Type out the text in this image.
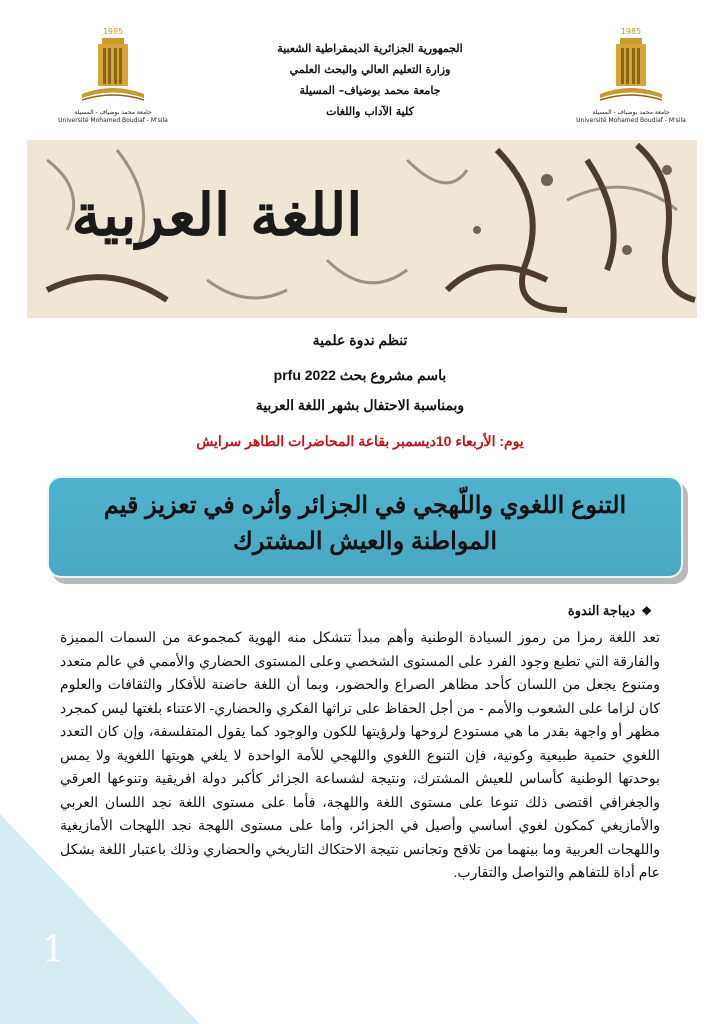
1
1985
جامعة محمد بوضياف - المسيلة
Université Mohamed Boudiaf - M'sila
1985
جامعة محمد بوضياف - المسيلة
Université Mohamed Boudiaf - M'sila
الجمهورية الجزائرية الديمقراطية الشعبية
وزارة التعليم العالي والبحث العلمي
جامعة محمد بوضياف– المسيلة
كلية الآداب واللغات
اللغة العربية
تنظم ندوة علمية
باسم مشروع بحث prfu 2022
وبمناسبة الاحتفال بشهر اللغة العربية
يوم: الأربعاء 10ديسمبر بقاعة المحاضرات الطاهر سرايش
التنوع اللغوي واللّهجي في الجزائر وأثره في تعزيز قيم
المواطنة والعيش المشترك
❖ديباجة الندوة
تعد اللغة رمزا من رموز السيادة الوطنية وأهم مبدأ تتشكل منه الهوية كمجموعة من السمات المميزة والفارقة التي تطبع وجود الفرد على المستوى الشخصي وعلى المستوى الحضاري والأممي في عالم متعدد ومتنوع يجعل من اللسان كأحد مظاهر الصراع والحضور، وبما أن اللغة حاضنة للأفكار والثقافات والعلوم كان لزاما على الشعوب والأمم - من أجل الحفاظ على تراثها الفكري والحضاري- الاعتناء بلغتها ليس كمجرد مظهر أو واجهة بقدر ما هي مستودع لروحها ولرؤيتها للكون والوجود كما يقول المتفلسفة، وإن كان التعدد اللغوي حتمية طبيعية وكونية، فإن التنوع اللغوي واللهجي للأمة الواحدة لا يلغي هويتها اللغوية ولا يمس بوحدتها الوطنية كأساس للعيش المشترك، ونتيجة لشساعة الجزائر كأكبر دولة افريقية وتنوعها العرقي والجغرافي اقتضى ذلك تنوعا على مستوى اللغة واللهجة، فأما على مستوى اللغة نجد اللسان العربي والأمازيغي كمكون لغوي أساسي وأصيل في الجزائر، وأما على مستوى اللهجة نجد اللهجات الأمازيغية واللهجات العربية وما بينهما من تلاقح وتجانس نتيجة الاحتكاك التاريخي والحضاري وذلك باعتبار اللغة بشكل عام أداة للتفاهم والتواصل والتقارب.
